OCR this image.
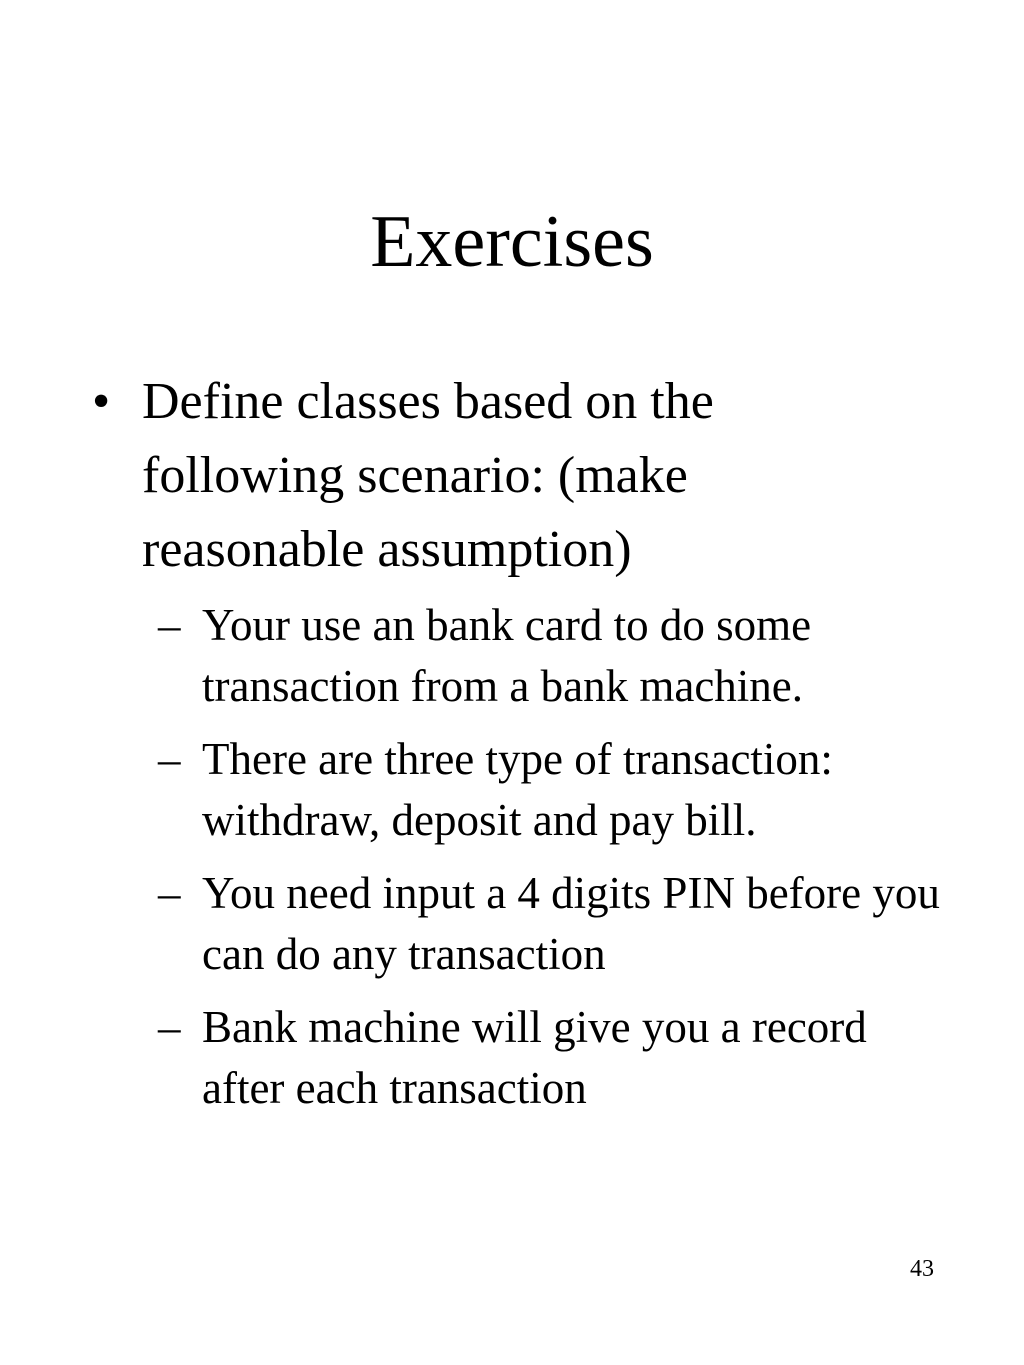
Exercises
• Define classes based on the following scenario: (make reasonable assumption)
– Your use an bank card to do some transaction from a bank machine.
– There are three type of transaction: withdraw, deposit and pay bill.
– You need input a 4 digits PIN before you can do any transaction
– Bank machine will give you a record after each transaction
43
